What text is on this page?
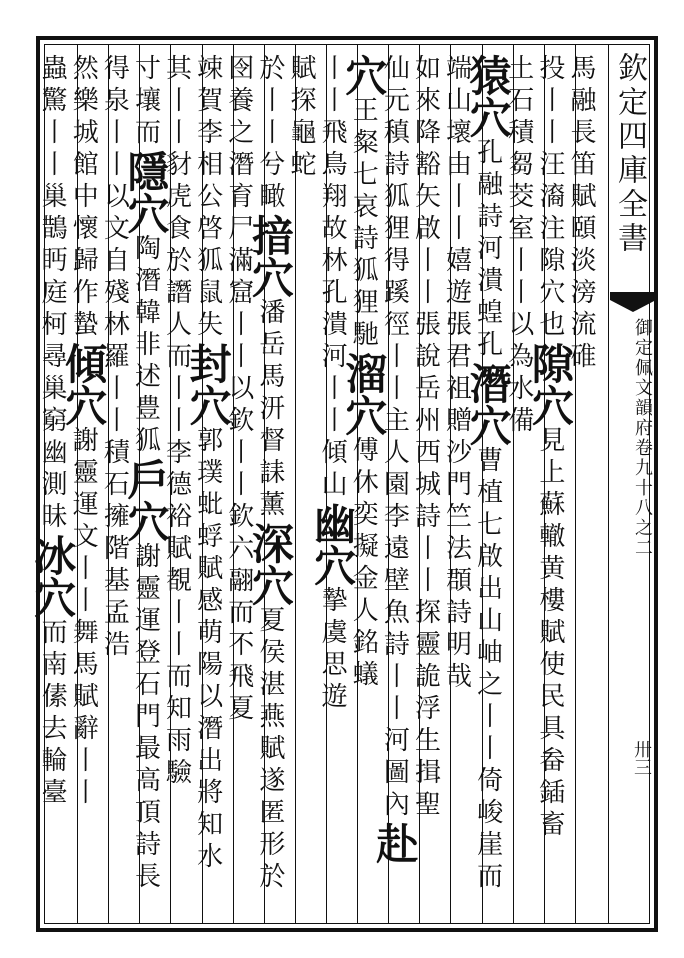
欽定四庫全書
御定佩文韻府卷九十八之二
卅三
馬融長笛賦頤淡滂流碓
投丨丨汪㵝注隙穴也隙穴見上蘇轍黄樓賦使民具畚鍤畜
土石積芻茭室丨丨以為水備
猿穴孔融詩河潰蝗孔潛穴曹植七啟出山岫之丨丨倚峻崖而
端山壞由丨丨嬉遊張君祖贈沙門竺法頵詩明哉
如來降豁矢啟丨丨張說岳州西城詩丨丨探靈詭浮生揖聖
仙元稹詩狐狸得蹊徑丨丨主人園李遠壁魚詩丨丨河圖內赴
穴王粲七哀詩狐狸馳溜穴傅休奕擬金人銘蟻
丨丨飛鳥翔故林孔潰河丨丨傾山幽穴摯虞思遊
賦探龜蛇
於丨丨兮瞰揞穴潘岳馬汧督誄薰深穴夏侯湛燕賦遂匿形於
囹養之潛育尸滿窟丨丨以欽丨丨欽六翮而不飛夏
竦賀李相公啓狐鼠失封穴郭璞蚍蜉賦感萌陽以潛出將知水
其丨丨豺虎食於譖人而丨丨李德裕賦覩丨丨而知雨驗
寸壤而隱穴陶潛韓非述豊狐戶穴謝靈運登石門最高頂詩長
得泉丨丨以文自殘林羅丨丨積石擁階基孟浩
然樂城館中懷歸作蟄傾穴謝靈運文丨丨舞馬賦辭丨丨
蟲驚丨丨巢鵲眄庭柯尋巢窮幽測昧冰穴而南傃去輪臺
